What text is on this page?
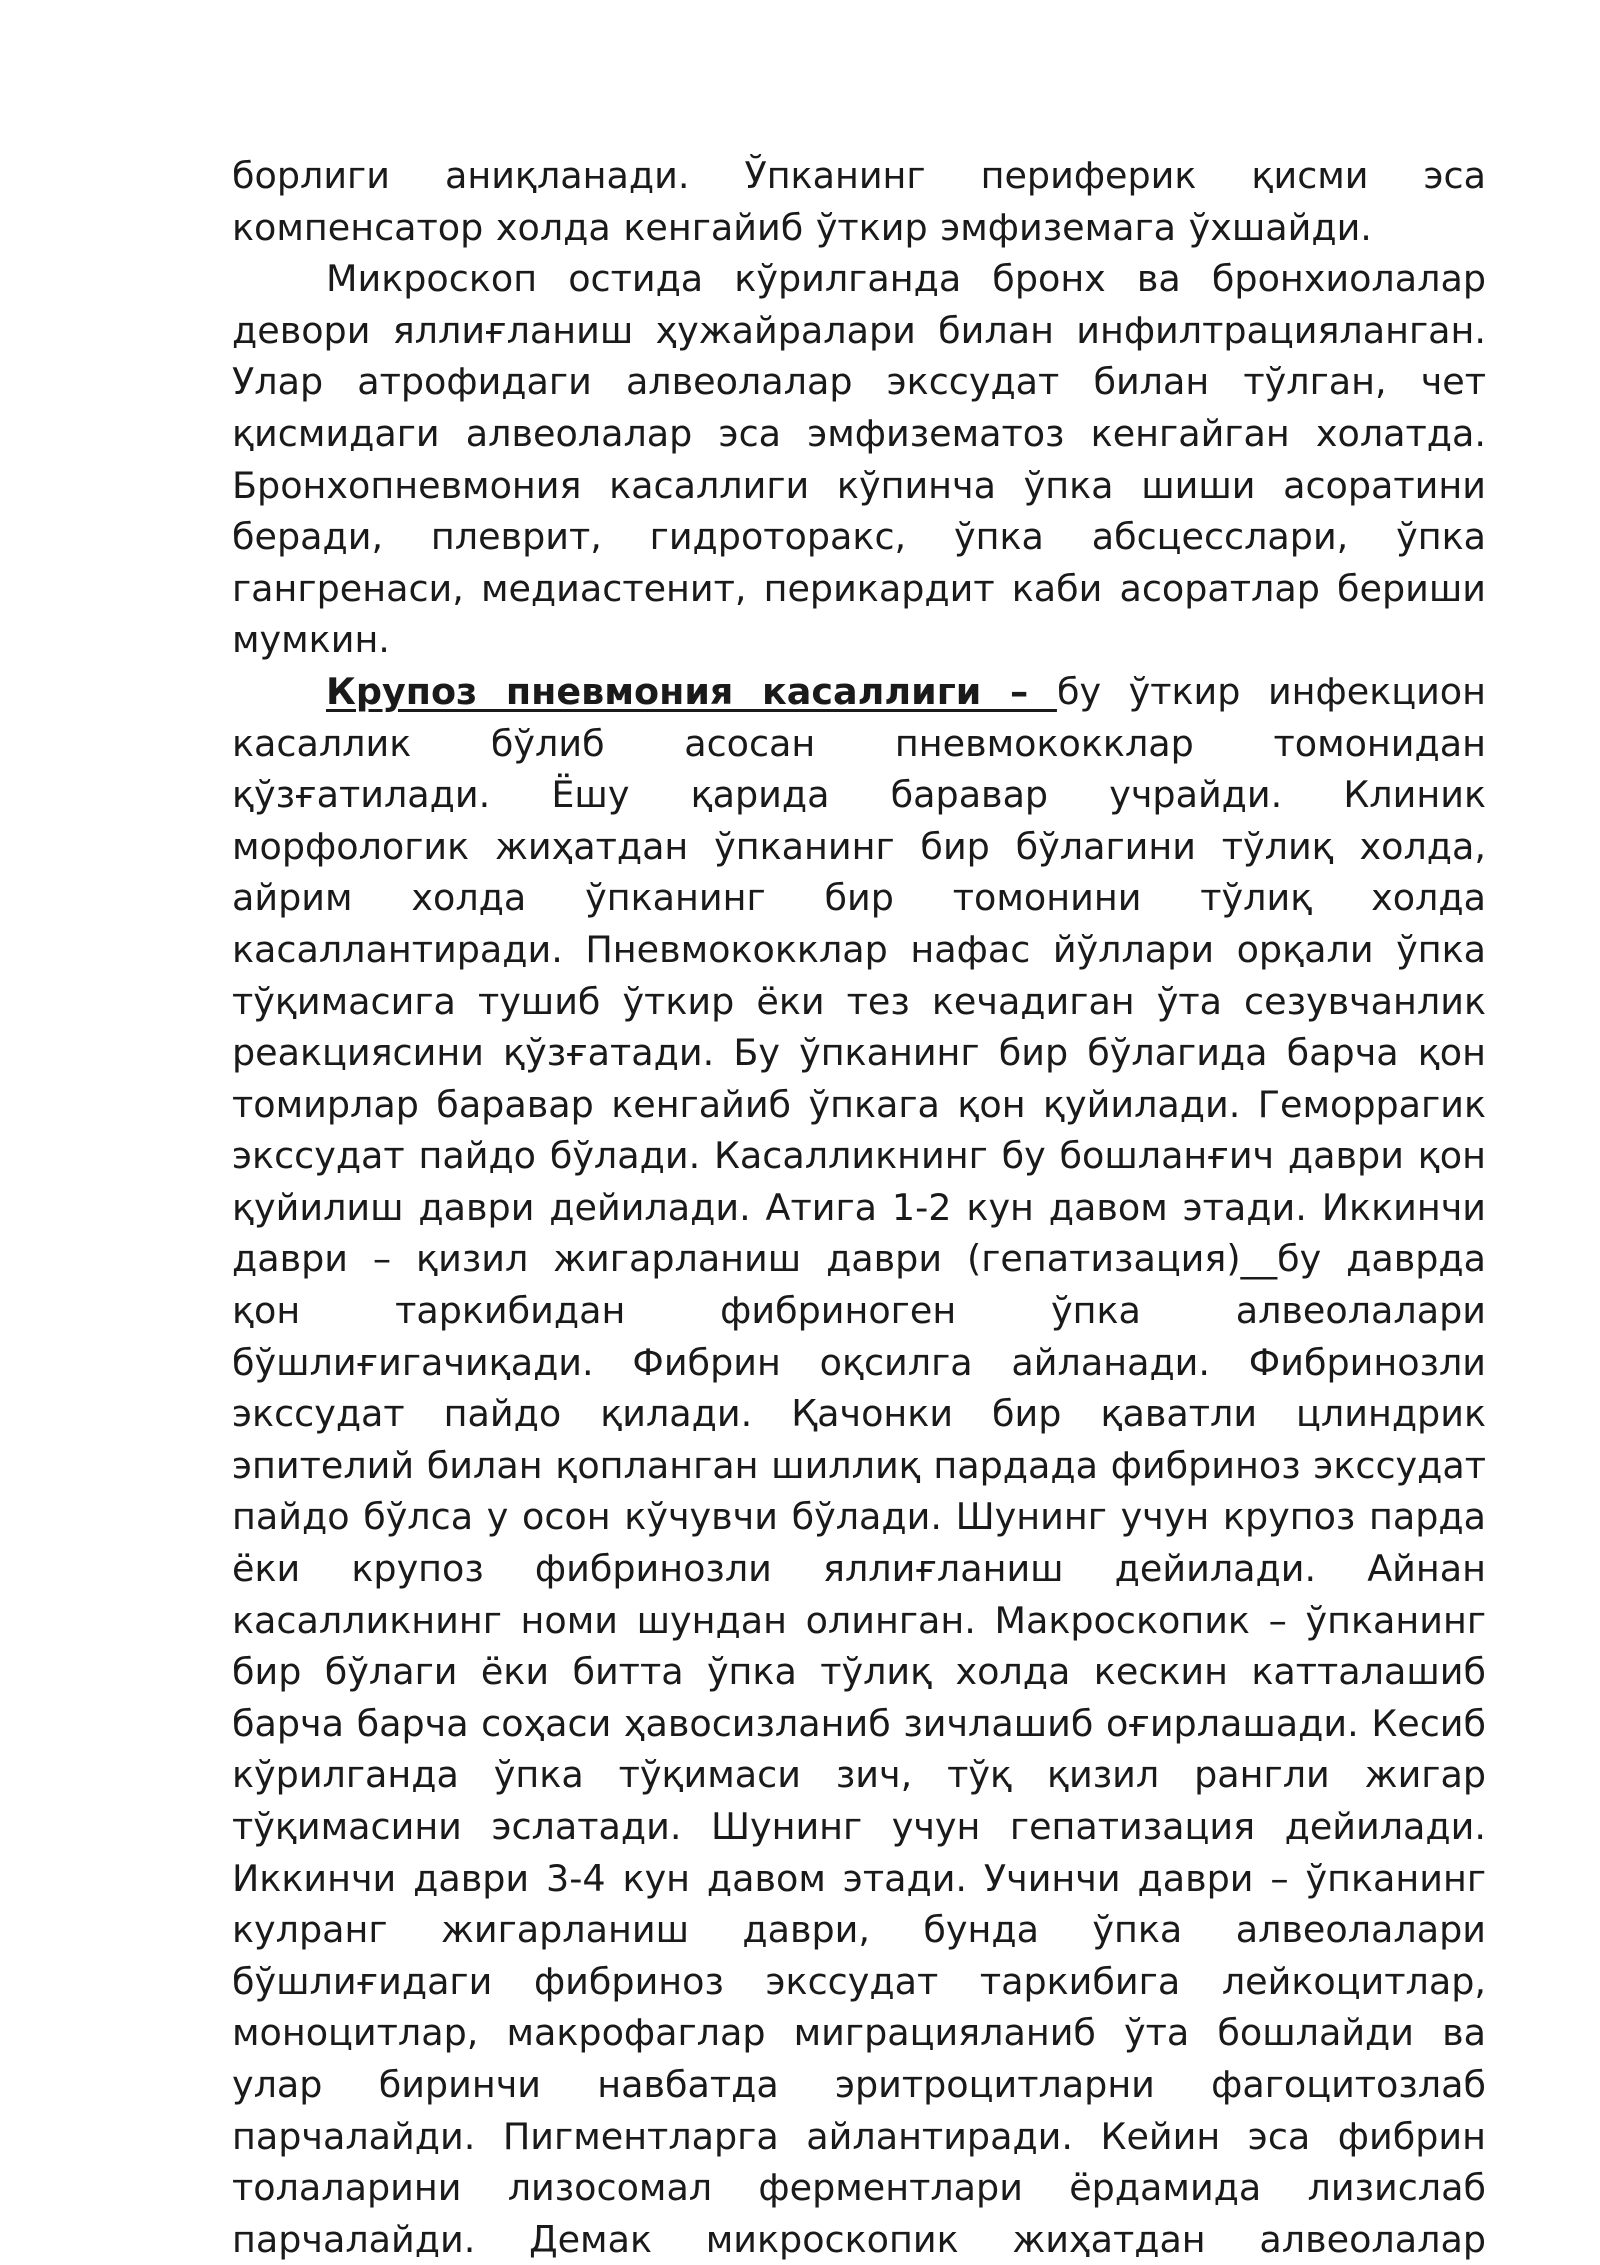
борлиги аниқланади. Ўпканинг периферик қисми эса компенсатор холда кенгайиб ўткир эмфиземага ўхшайди.

Микроскоп остида кўрилганда бронх ва бронхиолалар девори яллиғланиш ҳужайралари билан инфилтрацияланган. Улар атрофидаги алвеолалар экссудат билан тўлган, чет қисмидаги алвеолалар эса эмфизематоз кенгайган холатда. Бронхопневмония касаллиги кўпинча ўпка шиши асоратини беради, плеврит, гидроторакс, ўпка абсцесслари, ўпка гангренаси, медиастенит, перикардит каби асоратлар бериши мумкин.

Крупоз пневмония касаллиги – бу ўткир инфекцион касаллик бўлиб асосан пневмококклар томонидан қўзғатилади. Ёшу қарида баравар учрайди. Клиник морфологик жиҳатдан ўпканинг бир бўлагини тўлиқ холда, айрим холда ўпканинг бир томонини тўлиқ холда касаллантиради. Пневмококклар нафас йўллари орқали ўпка тўқимасига тушиб ўткир ёки тез кечадиган ўта сезувчанлик реакциясини қўзғатади. Бу ўпканинг бир бўлагида барча қон томирлар баравар кенгайиб ўпкага қон қуйилади. Геморрагик экссудат пайдо бўлади. Касалликнинг бу бошланғич даври қон қуйилиш даври дейилади. Атига 1-2 кун давом этади. Иккинчи даври – қизил жигарланиш даври (гепатизация)__бу даврда қон таркибидан фибриноген ўпка алвеолалари бўшлиғигачиқади. Фибрин оқсилга айланади. Фибринозли экссудат пайдо қилади. Қачонки бир қаватли цлиндрик эпителий билан қопланган шиллиқ пардада фибриноз экссудат пайдо бўлса у осон кўчувчи бўлади. Шунинг учун крупоз парда ёки крупоз фибринозли яллиғланиш дейилади. Айнан касалликнинг номи шундан олинган. Макроскопик – ўпканинг бир бўлаги ёки битта ўпка тўлиқ холда кескин катталашиб барча барча соҳаси ҳавосизланиб зичлашиб оғирлашади. Кесиб кўрилганда ўпка тўқимаси зич, тўқ қизил рангли жигар тўқимасини эслатади. Шунинг учун гепатизация дейилади. Иккинчи даври 3-4 кун давом этади. Учинчи даври – ўпканинг кулранг жигарланиш даври, бунда ўпка алвеолалари бўшлиғидаги фибриноз экссудат таркибига лейкоцитлар, моноцитлар, макрофаглар миграцияланиб ўта бошлайди ва улар биринчи навбатда эритроцитларни фагоцитозлаб парчалайди. Пигментларга айлантиради. Кейин эса фибрин толаларини лизосомал ферментлари ёрдамида лизислаб парчалайди. Демак микроскопик жиҳатдан алвеолалар
